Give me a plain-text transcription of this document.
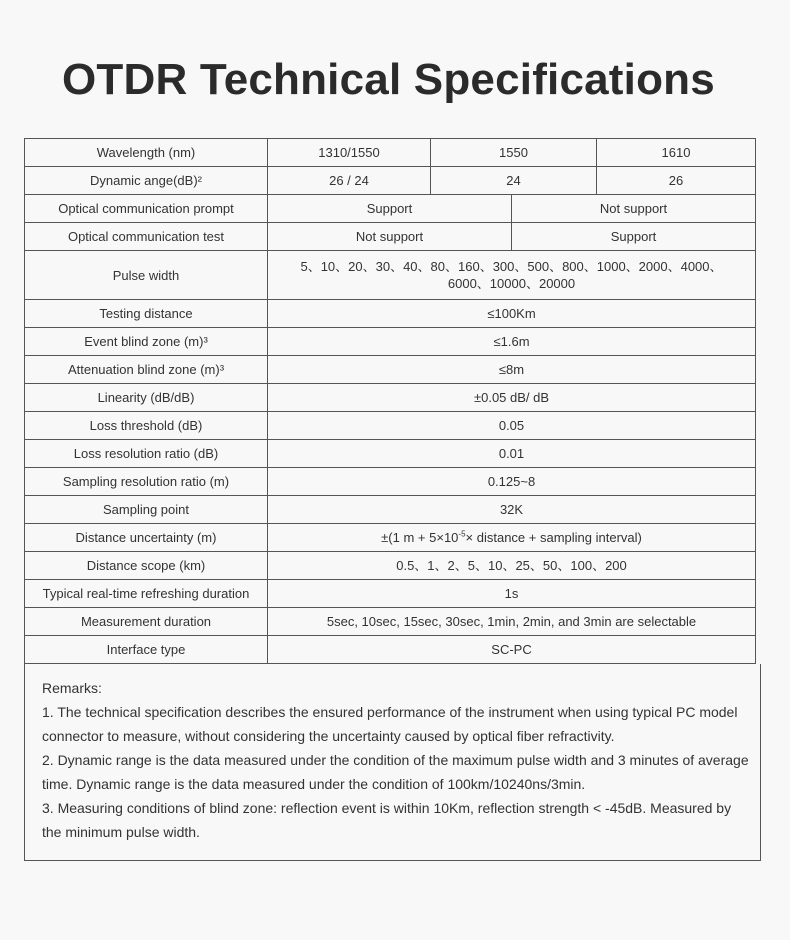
OTDR Technical Specifications
Wavelength (nm)	1310/1550	1550		1610
Dynamic ange(dB)²	26 / 24	24		26
Optical communication prompt	Support		Not support	
Optical communication test	Not support		Support	
Pulse width	5、10、20、30、40、80、160、300、500、800、1000、2000、4000、
6000、10000、20000			

Testing distance	≤100Km			
Event blind zone (m)³	≤1.6m			
Attenuation blind zone (m)³	≤8m			
Linearity (dB/dB)	±0.05 dB/ dB			
Loss threshold (dB)	0.05			
Loss resolution ratio (dB)	0.01			
Sampling resolution ratio (m)	0.125~8			
Sampling point	32K			
Distance uncertainty (m)	±(1 $m + 5\times 10^{-5}\times$ distance + sampling interval)			
Distance scope (km)	0.5、1、2、5、10、25、50、100、200			
Typical real-time refreshing duration	1s			
Measurement duration	5sec, 10sec, 15sec, 30sec, 1min, 2min, and 3min are selectable			
Interface type	SC-PC			

Remarks:

1. The technical specification describes the ensured performance of the instrument when using typical PC model connector to measure, without considering the uncertainty caused by optical fiber refractivity.

2. Dynamic range is the data measured under the condition of the maximum pulse width and 3 minutes of average time. Dynamic range is the data measured under the condition of 100km/10240ns/3min.

3. Measuring conditions of blind zone: reflection event is within 10Km, reflection strength < -45dB. Measured by the minimum pulse width.
